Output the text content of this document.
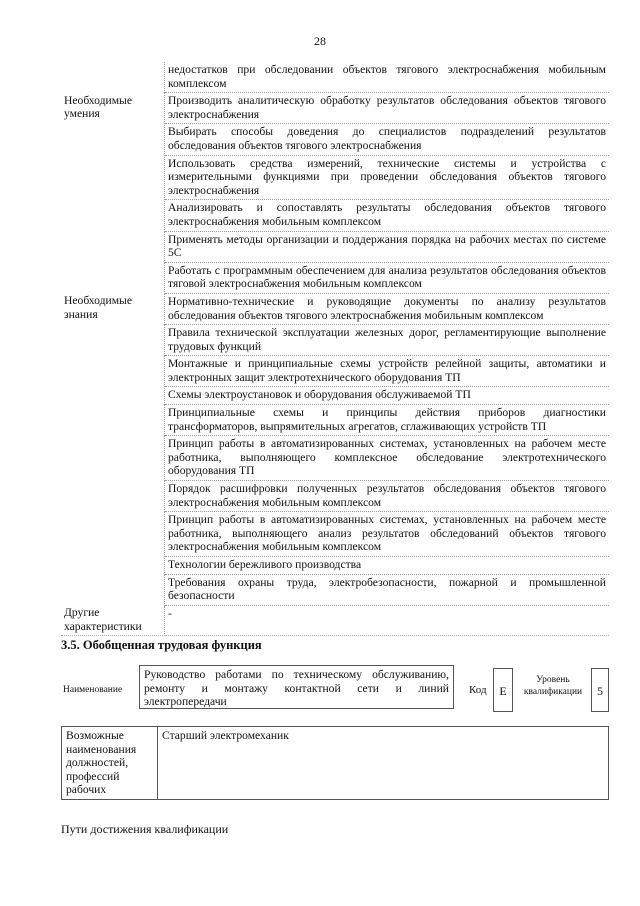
28
	недостатков при обследовании объектов тягового электроснабжения мобильным комплексом
Необходимые умения	Производить аналитическую обработку результатов обследования объектов тягового электроснабжения
	Выбирать способы доведения до специалистов подразделений результатов обследования объектов тягового электроснабжения
	Использовать средства измерений, технические системы и устройства с измерительными функциями при проведении обследования объектов тягового электроснабжения
	Анализировать и сопоставлять результаты обследования объектов тягового электроснабжения мобильным комплексом
	Применять методы организации и поддержания порядка на рабочих местах по системе 5С
	Работать с программным обеспечением для анализа результатов обследования объектов тяговой электроснабжения мобильным комплексом
Необходимые знания	Нормативно-технические и руководящие документы по анализу результатов обследования объектов тягового электроснабжения мобильным комплексом
	Правила технической эксплуатации железных дорог, регламентирующие выполнение трудовых функций
	Монтажные и принципиальные схемы устройств релейной защиты, автоматики и электронных защит электротехнического оборудования ТП
	Схемы электроустановок и оборудования обслуживаемой ТП
	Принципиальные схемы и принципы действия приборов диагностики трансформаторов, выпрямительных агрегатов, сглаживающих устройств ТП
	Принцип работы в автоматизированных системах, установленных на рабочем месте работника, выполняющего комплексное обследование электротехнического оборудования ТП
	Порядок расшифровки полученных результатов обследования объектов тягового электроснабжения мобильным комплексом
	Принцип работы в автоматизированных системах, установленных на рабочем месте работника, выполняющего анализ результатов обследований объектов тягового электроснабжения мобильным комплексом
	Технологии бережливого производства
	Требования охраны труда, электробезопасности, пожарной и промышленной безопасности
Другие характеристики	-
3.5. Обобщенная трудовая функция
Наименование
Руководство работами по техническому обслуживанию, ремонту и монтажу контактной сети и линий электропередачи
Код	Е
Уровень квалификации	5
Возможные наименования должностей, профессий рабочих	Старший электромеханик
Пути достижения квалификации
